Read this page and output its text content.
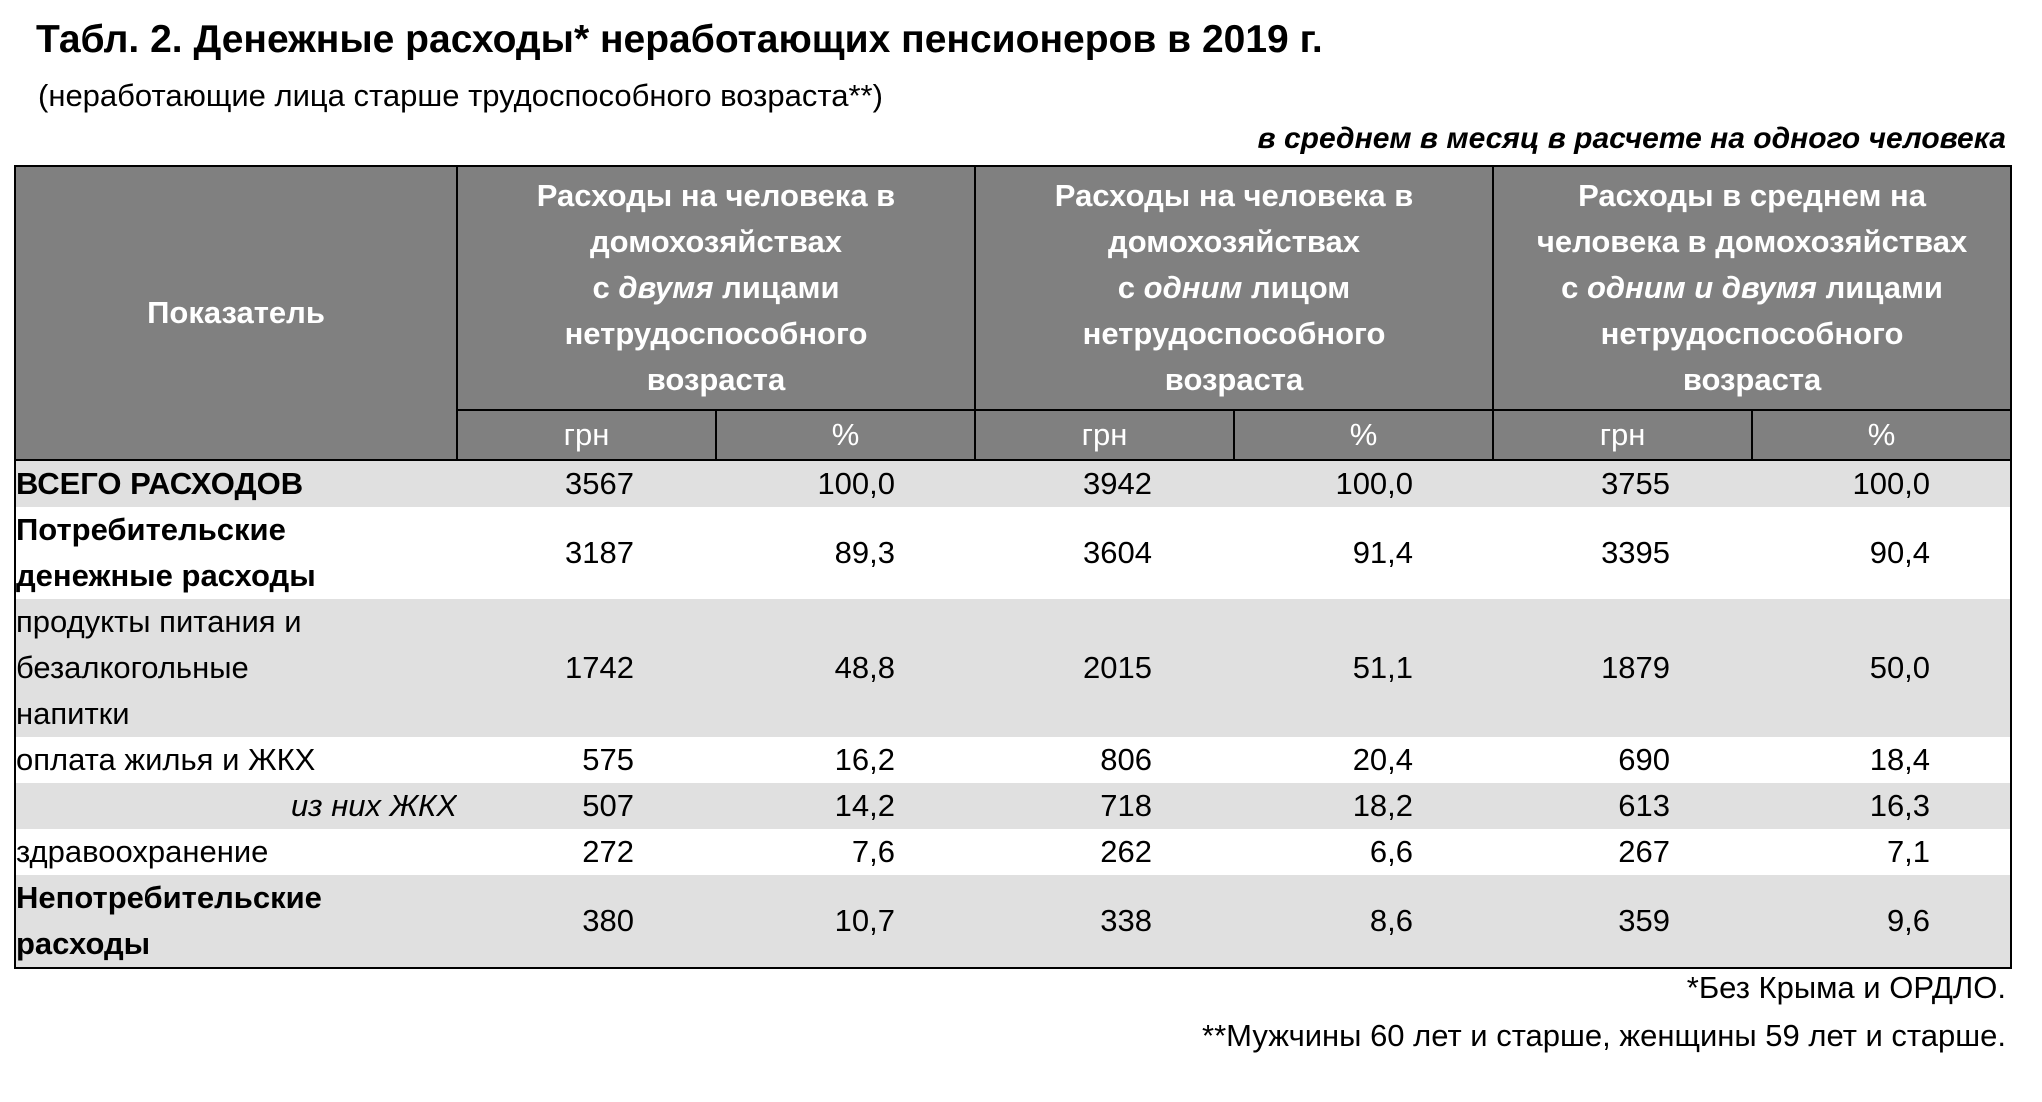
Табл. 2. Денежные расходы* неработающих пенсионеров в 2019 г.
(неработающие лица старше трудоспособного возраста**)
в среднем в месяц в расчете на одного человека
Показатель	Расходы на человека в
домохозяйствах
с двумя лицами
нетрудоспособного
возраста		Расходы на человека в
домохозяйствах
с одним лицом
нетрудоспособного
возраста		Расходы в среднем на
человека в домохозяйствах
с одним и двумя лицами
нетрудоспособного
возраста	

	грн	%	грн	%	грн	%
ВСЕГО РАСХОДОВ	3567	100,0	3942	100,0	3755	100,0

Потребительские
денежные расходы	3187	89,3	3604	91,4	3395	90,4

продукты питания и
безалкогольные
напитки	1742	48,8	2015	51,1	1879	50,0
оплата жилья и ЖКХ	575	16,2	806	20,4	690	18,4
из них ЖКХ	507	14,2	718	18,2	613	16,3
здравоохранение	272	7,6	262	6,6	267	7,1

Непотребительские
расходы	380	10,7	338	8,6	359	9,6
*Без Крыма и ОРДЛО.
**Мужчины 60 лет и старше, женщины 59 лет и старше.
